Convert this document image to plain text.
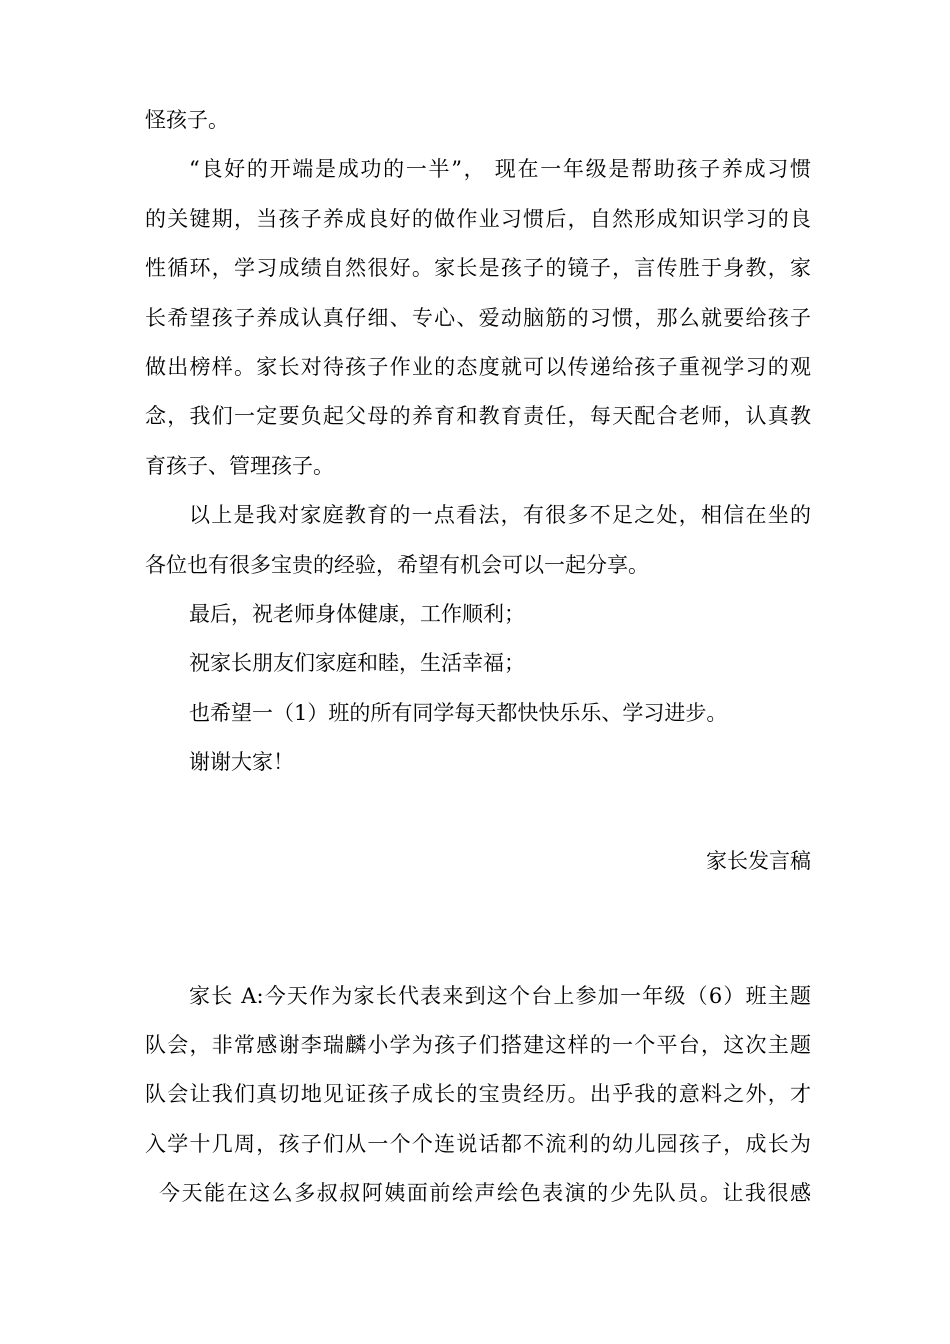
怪孩子。
“良好的开端是成功的一半”， 现在一年级是帮助孩子养成习惯
的关键期，当孩子养成良好的做作业习惯后，自然形成知识学习的良
性循环，学习成绩自然很好。家长是孩子的镜子，言传胜于身教，家
长希望孩子养成认真仔细、专心、爱动脑筋的习惯，那么就要给孩子
做出榜样。家长对待孩子作业的态度就可以传递给孩子重视学习的观
念，我们一定要负起父母的养育和教育责任，每天配合老师，认真教
育孩子、管理孩子。
以上是我对家庭教育的一点看法，有很多不足之处，相信在坐的
各位也有很多宝贵的经验，希望有机会可以一起分享。
最后，祝老师身体健康，工作顺利；
祝家长朋友们家庭和睦，生活幸福；
也希望一（1）班的所有同学每天都快快乐乐、学习进步。
谢谢大家！
家长发言稿
家长 A:今天作为家长代表来到这个台上参加一年级（6）班主题
队会，非常感谢李瑞麟小学为孩子们搭建这样的一个平台，这次主题
队会让我们真切地见证孩子成长的宝贵经历。出乎我的意料之外，才
入学十几周，孩子们从一个个连说话都不流利的幼儿园孩子，成长为
今天能在这么多叔叔阿姨面前绘声绘色表演的少先队员。让我很感
